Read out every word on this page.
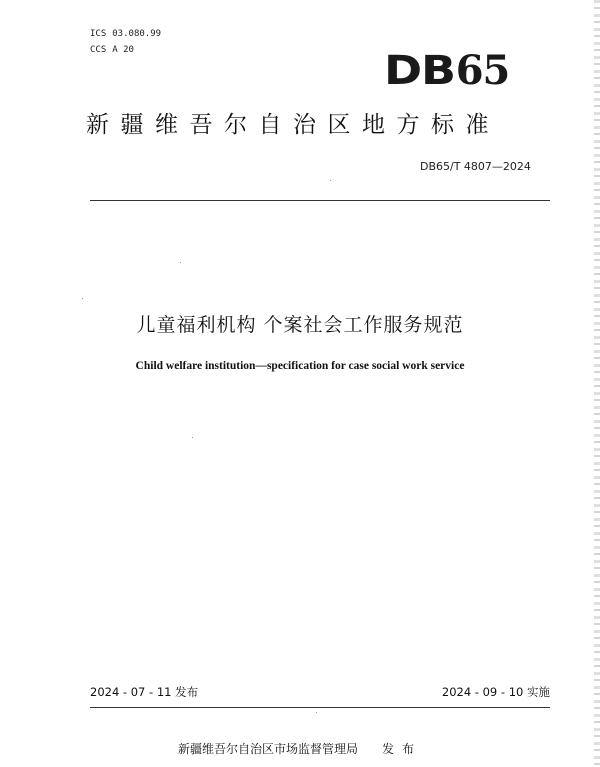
ICS 03.080.99
CCS A 20	DB65
新疆维吾尔自治区地方标准
DB65/T 4807—2024
儿童福利机构 个案社会工作服务规范
Child welfare institution—specification for case social work service
2024 - 07 - 11 发布	2024 - 09 - 10 实施
新疆维吾尔自治区市场监督管理局 发布
